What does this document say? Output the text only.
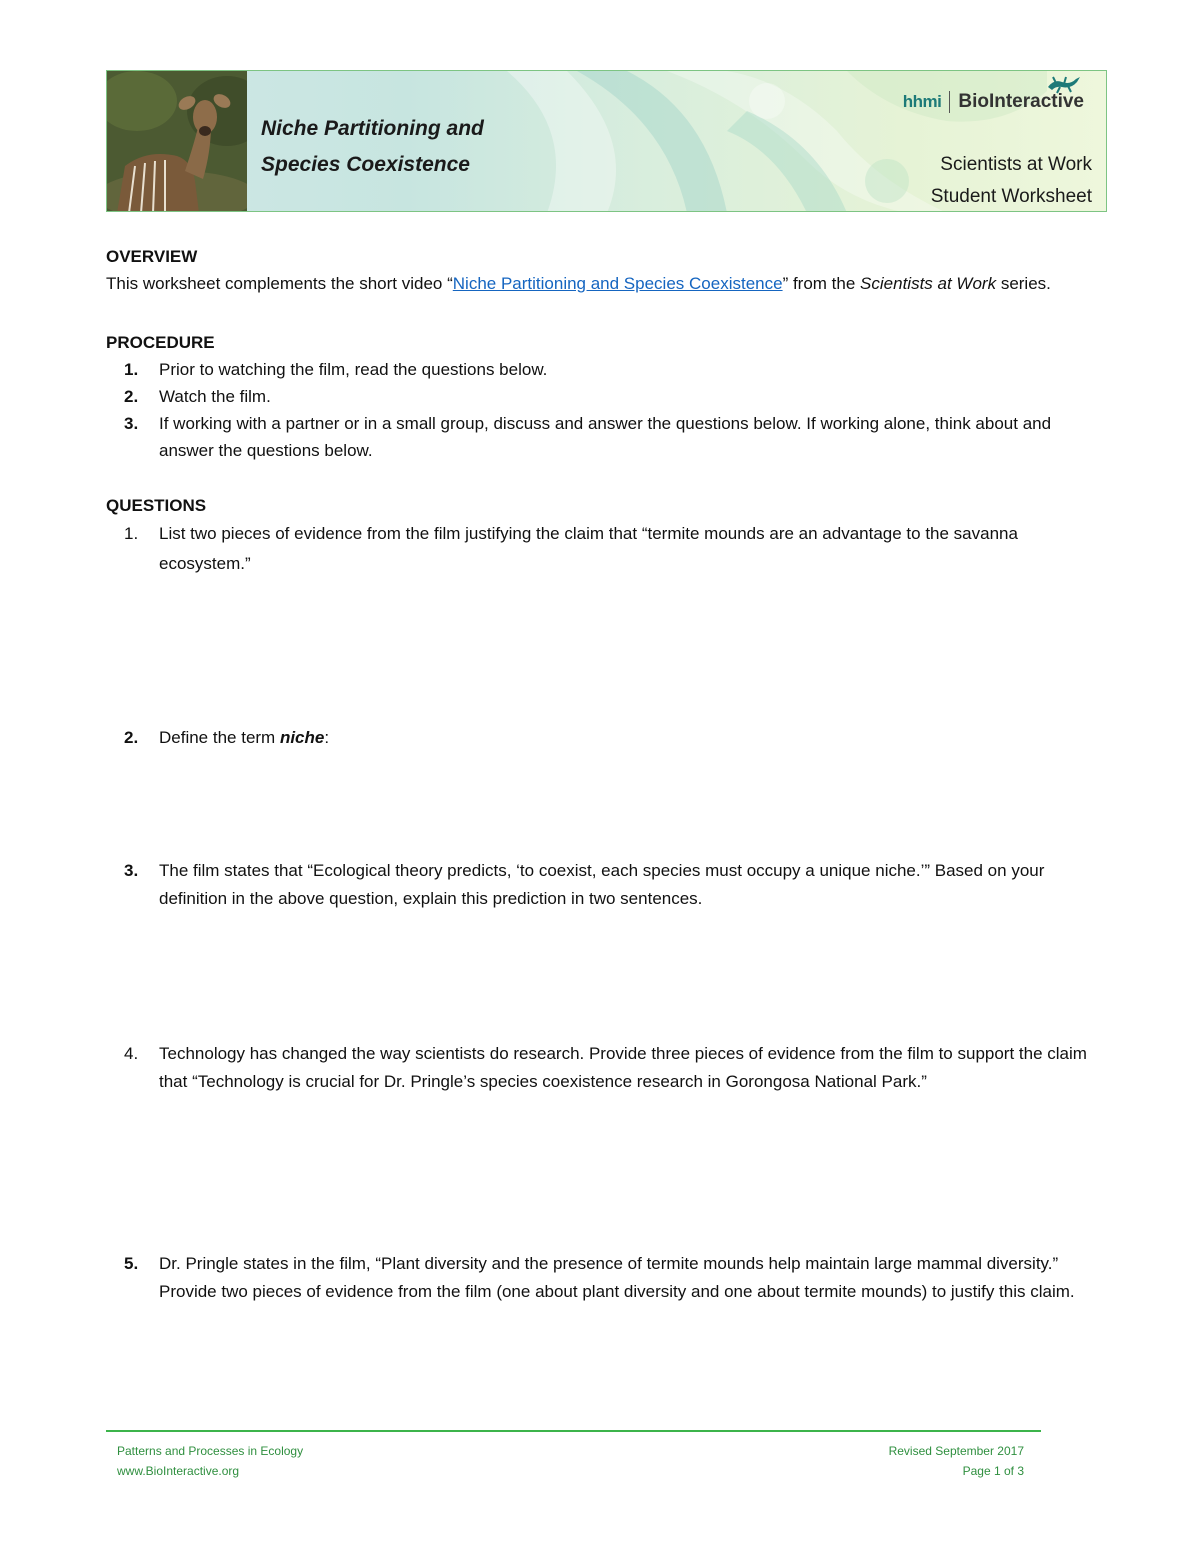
Niche Partitioning and
Species Coexistence
hhmi BioInteractive
Scientists at Work
Student Worksheet

OVERVIEW

This worksheet complements the short video “Niche Partitioning and Species Coexistence” from the Scientists at Work series.

PROCEDURE

1. Prior to watching the film, read the questions below.
2. Watch the film.
3. If working with a partner or in a small group, discuss and answer the questions below. If working alone, think about and answer the questions below.

QUESTIONS

1. List two pieces of evidence from the film justifying the claim that “termite mounds are an advantage to the savanna ecosystem.”
2.	Define the term niche:
3.	The film states that “Ecological theory predicts, ‘to coexist, each species must occupy a unique niche.’” Based on your definition in the above question, explain this prediction in two sentences.
4.	Technology has changed the way scientists do research. Provide three pieces of evidence from the film to support the claim that “Technology is crucial for Dr. Pringle’s species coexistence research in Gorongosa National Park.”
5.	Dr. Pringle states in the film, “Plant diversity and the presence of termite mounds help maintain large mammal diversity.” Provide two pieces of evidence from the film (one about plant diversity and one about termite mounds) to justify this claim.
Patterns and Processes in Ecology
www.BioInteractive.org
Revised September 2017
Page 1 of 3
